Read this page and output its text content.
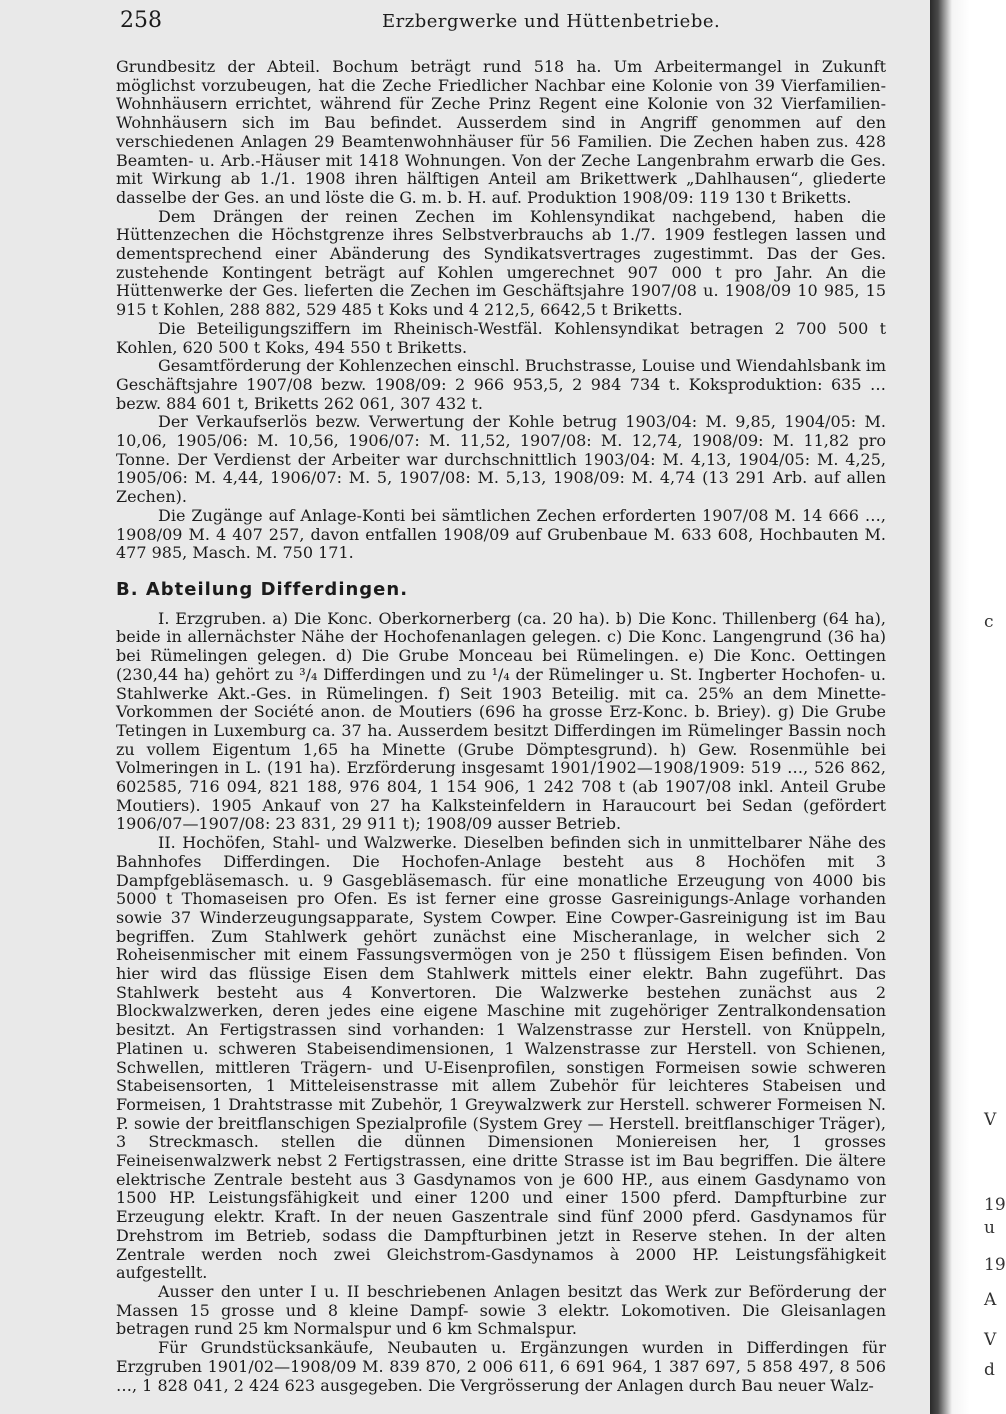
258	Erzbergwerke und Hüttenbetriebe.

Grundbesitz der Abteil. Bochum beträgt rund 518 ha. Um Arbeitermangel in Zukunft möglichst vorzubeugen, hat die Zeche Friedlicher Nachbar eine Kolonie von 39 Vierfamilien-Wohnhäusern errichtet, während für Zeche Prinz Regent eine Kolonie von 32 Vierfamilien-Wohnhäusern sich im Bau befindet. Ausserdem sind in Angriff genommen auf den verschiedenen Anlagen 29 Beamtenwohnhäuser für 56 Familien. Die Zechen haben zus. 428 Beamten- u. Arb.-Häuser mit 1418 Wohnungen. Von der Zeche Langenbrahm erwarb die Ges. mit Wirkung ab 1./1. 1908 ihren hälftigen Anteil am Brikettwerk „Dahlhausen“, gliederte dasselbe der Ges. an und löste die G. m. b. H. auf. Produktion 1908/09: 119 130 t Briketts.

Dem Drängen der reinen Zechen im Kohlensyndikat nachgebend, haben die Hüttenzechen die Höchstgrenze ihres Selbstverbrauchs ab 1./7. 1909 festlegen lassen und dementsprechend einer Abänderung des Syndikatsvertrages zugestimmt. Das der Ges. zustehende Kontingent beträgt auf Kohlen umgerechnet 907 000 t pro Jahr. An die Hüttenwerke der Ges. lieferten die Zechen im Geschäftsjahre 1907/08 u. 1908/09 10 985, 15 915 t Kohlen, 288 882, 529 485 t Koks und 4 212,5, 6642,5 t Briketts.

Die Beteiligungsziffern im Rheinisch-Westfäl. Kohlensyndikat betragen 2 700 500 t Kohlen, 620 500 t Koks, 494 550 t Briketts.

Gesamtförderung der Kohlenzechen einschl. Bruchstrasse, Louise und Wiendahlsbank im Geschäftsjahre 1907/08 bezw. 1908/09: 2 966 953,5, 2 984 734 t. Koksproduktion: 635 … bezw. 884 601 t, Briketts 262 061, 307 432 t.

Der Verkaufserlös bezw. Verwertung der Kohle betrug 1903/04: M. 9,85, 1904/05: M. 10,06, 1905/06: M. 10,56, 1906/07: M. 11,52, 1907/08: M. 12,74, 1908/09: M. 11,82 pro Tonne. Der Verdienst der Arbeiter war durchschnittlich 1903/04: M. 4,13, 1904/05: M. 4,25, 1905/06: M. 4,44, 1906/07: M. 5, 1907/08: M. 5,13, 1908/09: M. 4,74 (13 291 Arb. auf allen Zechen).

Die Zugänge auf Anlage-Konti bei sämtlichen Zechen erforderten 1907/08 M. 14 666 …, 1908/09 M. 4 407 257, davon entfallen 1908/09 auf Grubenbaue M. 633 608, Hochbauten M. 477 985, Masch. M. 750 171.

B. Abteilung Differdingen.

I. Erzgruben. a) Die Konc. Oberkornerberg (ca. 20 ha). b) Die Konc. Thillenberg (64 ha), beide in allernächster Nähe der Hochofenanlagen gelegen. c) Die Konc. Langengrund (36 ha) bei Rümelingen gelegen. d) Die Grube Monceau bei Rümelingen. e) Die Konc. Oettingen (230,44 ha) gehört zu ³/₄ Differdingen und zu ¹/₄ der Rümelinger u. St. Ingberter Hochofen- u. Stahlwerke Akt.-Ges. in Rümelingen. f) Seit 1903 Beteilig. mit ca. 25% an dem Minette-Vorkommen der Société anon. de Moutiers (696 ha grosse Erz-Konc. b. Briey). g) Die Grube Tetingen in Luxemburg ca. 37 ha. Ausserdem besitzt Differdingen im Rümelinger Bassin noch zu vollem Eigentum 1,65 ha Minette (Grube Dömptesgrund). h) Gew. Rosenmühle bei Volmeringen in L. (191 ha). Erzförderung insgesamt 1901/1902—1908/1909: 519 …, 526 862, 602585, 716 094, 821 188, 976 804, 1 154 906, 1 242 708 t (ab 1907/08 inkl. Anteil Grube Moutiers). 1905 Ankauf von 27 ha Kalksteinfeldern in Haraucourt bei Sedan (gefördert 1906/07—1907/08: 23 831, 29 911 t); 1908/09 ausser Betrieb.

II. Hochöfen, Stahl- und Walzwerke. Dieselben befinden sich in unmittelbarer Nähe des Bahnhofes Differdingen. Die Hochofen-Anlage besteht aus 8 Hochöfen mit 3 Dampfgebläsemasch. u. 9 Gasgebläsemasch. für eine monatliche Erzeugung von 4000 bis 5000 t Thomaseisen pro Ofen. Es ist ferner eine grosse Gasreinigungs-Anlage vorhanden sowie 37 Winderzeugungsapparate, System Cowper. Eine Cowper-Gasreinigung ist im Bau begriffen. Zum Stahlwerk gehört zunächst eine Mischeranlage, in welcher sich 2 Roheisenmischer mit einem Fassungsvermögen von je 250 t flüssigem Eisen befinden. Von hier wird das flüssige Eisen dem Stahlwerk mittels einer elektr. Bahn zugeführt. Das Stahlwerk besteht aus 4 Konvertoren. Die Walzwerke bestehen zunächst aus 2 Blockwalzwerken, deren jedes eine eigene Maschine mit zugehöriger Zentralkondensation besitzt. An Fertigstrassen sind vorhanden: 1 Walzenstrasse zur Herstell. von Knüppeln, Platinen u. schweren Stabeisendimensionen, 1 Walzenstrasse zur Herstell. von Schienen, Schwellen, mittleren Trägern- und U-Eisenprofilen, sonstigen Formeisen sowie schweren Stabeisensorten, 1 Mitteleisenstrasse mit allem Zubehör für leichteres Stabeisen und Formeisen, 1 Drahtstrasse mit Zubehör, 1 Greywalzwerk zur Herstell. schwerer Formeisen N. P. sowie der breitflanschigen Spezialprofile (System Grey — Herstell. breitflanschiger Träger), 3 Streckmasch. stellen die dünnen Dimensionen Moniereisen her, 1 grosses Feineisenwalzwerk nebst 2 Fertigstrassen, eine dritte Strasse ist im Bau begriffen. Die ältere elektrische Zentrale besteht aus 3 Gasdynamos von je 600 HP., aus einem Gasdynamo von 1500 HP. Leistungsfähigkeit und einer 1200 und einer 1500 pferd. Dampfturbine zur Erzeugung elektr. Kraft. In der neuen Gaszentrale sind fünf 2000 pferd. Gasdynamos für Drehstrom im Betrieb, sodass die Dampfturbinen jetzt in Reserve stehen. In der alten Zentrale werden noch zwei Gleichstrom-Gasdynamos à 2000 HP. Leistungsfähigkeit aufgestellt.

Ausser den unter I u. II beschriebenen Anlagen besitzt das Werk zur Beförderung der Massen 15 grosse und 8 kleine Dampf- sowie 3 elektr. Lokomotiven. Die Gleisanlagen betragen rund 25 km Normalspur und 6 km Schmalspur.

Für Grundstücksankäufe, Neubauten u. Ergänzungen wurden in Differdingen für Erzgruben 1901/02—1908/09 M. 839 870, 2 006 611, 6 691 964, 1 387 697, 5 858 497, 8 506 …, 1 828 041, 2 424 623 ausgegeben. Die Vergrösserung der Anlagen durch Bau neuer Walz-

c
V
19
u
19
A
V
d
